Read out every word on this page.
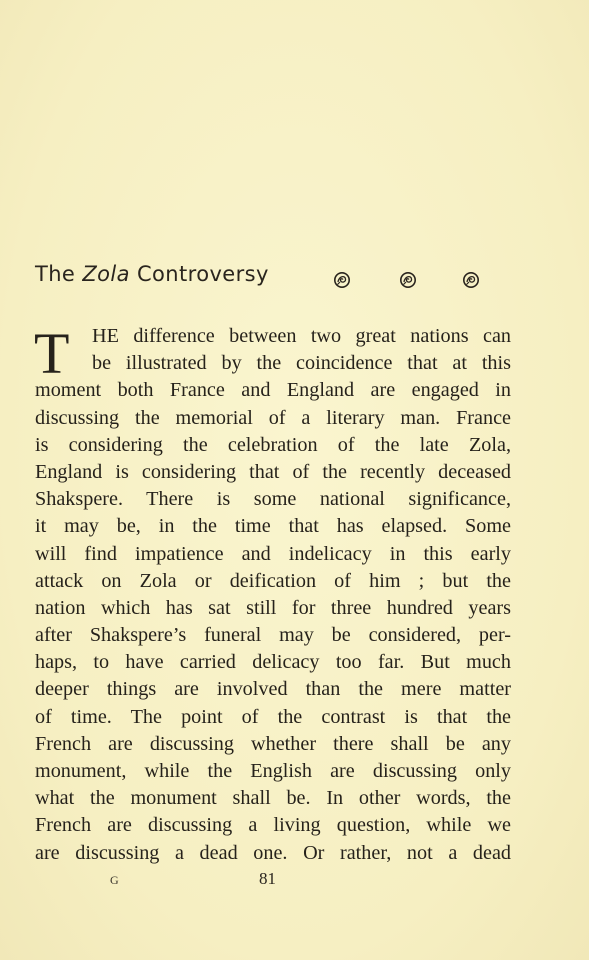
The Zola Controversy
T	HE difference between two great nations can
be illustrated by the coincidence that at this
moment both France and England are engaged in
discussing the memorial of a literary man. France
is considering the celebration of the late Zola,
England is considering that of the recently deceased
Shakspere. There is some national significance,
it may be, in the time that has elapsed. Some
will find impatience and indelicacy in this early
attack on Zola or deification of him ; but the
nation which has sat still for three hundred years
after Shakspere’s funeral may be considered, per-
haps, to have carried delicacy too far. But much
deeper things are involved than the mere matter
of time. The point of the contrast is that the
French are discussing whether there shall be any
monument, while the English are discussing only
what the monument shall be. In other words, the
French are discussing a living question, while we
are discussing a dead one. Or rather, not a dead
G	81
